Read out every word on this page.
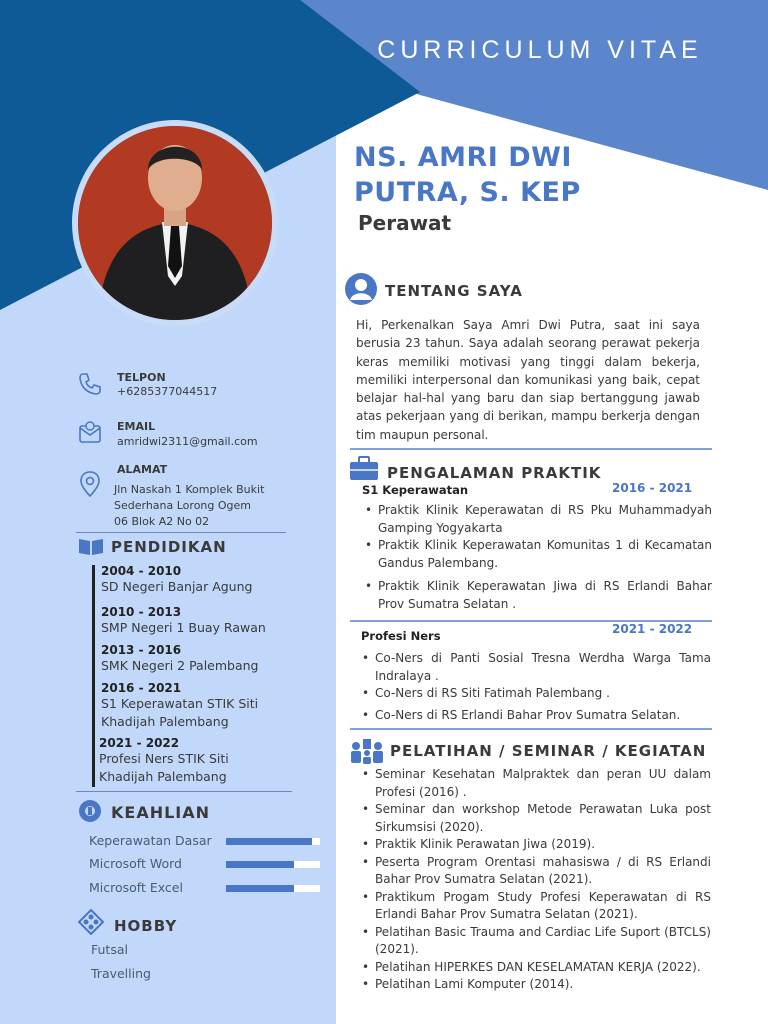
CURRICULUM VITAE
NS. AMRI DWI
PUTRA, S. KEP
Perawat
TENTANG SAYA
Hi, Perkenalkan Saya Amri Dwi Putra, saat ini saya berusia 23 tahun. Saya adalah seorang perawat pekerja keras memiliki motivasi yang tinggi dalam bekerja, memiliki interpersonal dan komunikasi yang baik, cepat belajar hal-hal yang baru dan siap bertanggung jawab atas pekerjaan yang di berikan, mampu berkerja dengan tim maupun personal.
PENGALAMAN PRAKTIK
S1 Keperawatan	2016 - 2021
• Praktik Klinik Keperawatan di RS Pku Muhammadyah Gamping Yogyakarta
• Praktik Klinik Keperawatan Komunitas 1 di Kecamatan Gandus Palembang.
• Praktik Klinik Keperawatan Jiwa di RS Erlandi Bahar Prov Sumatra Selatan .
Profesi Ners	2021 - 2022
• Co-Ners di Panti Sosial Tresna Werdha Warga Tama Indralaya .
• Co-Ners di RS Siti Fatimah Palembang .
• Co-Ners di RS Erlandi Bahar Prov Sumatra Selatan.
PELATIHAN / SEMINAR / KEGIATAN
• Seminar Kesehatan Malpraktek dan peran UU dalam Profesi (2016) .
• Seminar dan workshop Metode Perawatan Luka post Sirkumsisi (2020).
• Praktik Klinik Perawatan Jiwa (2019).
• Peserta Program Orentasi mahasiswa / di RS Erlandi Bahar Prov Sumatra Selatan (2021).
• Praktikum Progam Study Profesi Keperawatan di RS Erlandi Bahar Prov Sumatra Selatan (2021).
• Pelatihan Basic Trauma and Cardiac Life Suport (BTCLS) (2021).
• Pelatihan HIPERKES DAN KESELAMATAN KERJA (2022).
• Pelatihan Lami Komputer (2014).
TELPON
+6285377044517
EMAIL
amridwi2311@gmail.com
ALAMAT
Jln Naskah 1 Komplek Bukit
Sederhana Lorong Ogem
06 Blok A2 No 02
PENDIDIKAN
2004 - 2010
SD Negeri Banjar Agung
2010 - 2013
SMP Negeri 1 Buay Rawan
2013 - 2016
SMK Negeri 2 Palembang
2016 - 2021
S1 Keperawatan STIK Siti
Khadijah Palembang
2021 - 2022
Profesi Ners STIK Siti
Khadijah Palembang
KEAHLIAN
Keperawatan Dasar
Microsoft Word
Microsoft Excel
HOBBY
Futsal
Travelling
